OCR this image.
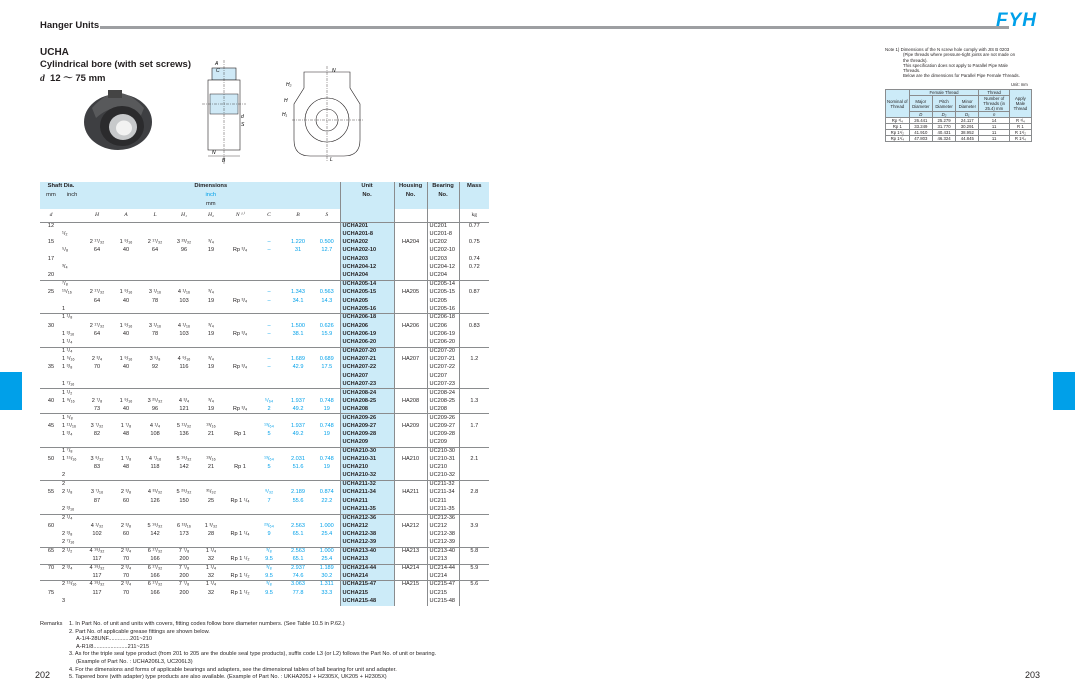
Hanger Units	FYH
UCHA
Cylindrical bore (with set screws)
d 12 ～ 75 mm
A
C
d
S
N
B
N
H₂
H
H₁
L
Note 1) Dimensions of the N screw hole comply with JIS B 0203
(Pipe threads where pressure-tight joints are not made on
the threads).
This specification does not apply to Parallel Pipe Male
Threads.
Below are the dimensions for Parallel Pipe Female Threads.
Unit: mm
Nominal of Thread	Female Thread			Thread	Apply Male Thread
	Major Diameter	Pitch Diameter	Minor Diameter	Number of Threads (in 25.4) mm	
	D	D₂	D₁	n	
Rp ³/₄	26.441	25.279	24.117	14	R ³/₄
Rp 1	33.249	31.770	30.291	11	R 1
Rp 1¹/₂	41.910	40.431	38.952	11	R 1¹/₂
Rp 1¹/₄	47.803	46.324	44.845	11	R 1¹/₄
Shaft Dia.		Dimensions									Unit	Housing	Bearing	Mass
mm	inch	inch									No.	No.	No.	
		mm												
d		H	A	L	H₁	H₂	N ¹⁾	C	B	S				kg
12											UCHA201		UC201	0.77
	¹/₂										UCHA201-8		UC201-8	
15		2 ¹⁷/₃₂	1 ⁹/₁₆	2 ¹⁷/₃₂	3 ²³/₃₂	³/₄		–	1.220	0.500	UCHA202	HA204	UC202	0.75
	⁵/₈	64	40	64	96	19	Rp ³/₄	–	31	12.7	UCHA202-10		UC202-10	
17											UCHA203		UC203	0.74
	³/₄										UCHA204-12		UC204-12	0.72
20											UCHA204		UC204	
	⁷/₈										UCHA205-14		UC205-14	
25	¹⁵/₁₆	2 ¹⁷/₃₂	1 ⁹/₁₆	3 ¹/₁₆	4 ¹/₁₆	³/₄		–	1.343	0.563	UCHA205-15	HA205	UC205-15	0.87
		64	40	78	103	19	Rp ³/₄	–	34.1	14.3	UCHA205		UC205	
	1										UCHA205-16		UC205-16	
	1 ¹/₈										UCHA206-18		UC206-18	
30		2 ¹⁷/₃₂	1 ⁹/₁₆	3 ¹/₁₆	4 ¹/₁₆	³/₄		–	1.500	0.626	UCHA206	HA206	UC206	0.83
	1 ³/₁₆	64	40	78	103	19	Rp ³/₄	–	38.1	15.9	UCHA206-19		UC206-19	
	1 ¹/₄										UCHA206-20		UC206-20	
	1 ¹/₄										UCHA207-20		UC207-20	
	1 ⁵/₁₆	2 ³/₄	1 ⁹/₁₆	3 ⁵/₈	4 ⁹/₁₆	³/₄		–	1.689	0.689	UCHA207-21	HA207	UC207-21	1.2
35	1 ³/₈	70	40	92	116	19	Rp ³/₄	–	42.9	17.5	UCHA207-22		UC207-22	
											UCHA207		UC207	
	1 ⁷/₁₆										UCHA207-23		UC207-23	
	1 ¹/₂										UCHA208-24		UC208-24	
40	1 ⁹/₁₆	2 ⁷/₈	1 ⁹/₁₆	3 ²⁵/₃₂	4 ³/₄	³/₄		⁵/₆₄	1.937	0.748	UCHA208-25	HA208	UC208-25	1.3
		73	40	96	121	19	Rp ³/₄	2	49.2	19	UCHA208		UC208	
	1 ⁵/₈										UCHA209-26		UC209-26	
45	1 ¹¹/₁₆	3 ⁷/₃₂	1 ⁷/₈	4 ¹/₄	5 ¹¹/₃₂	¹³/₁₆		¹³/₆₄	1.937	0.748	UCHA209-27	HA209	UC209-27	1.7
	1 ³/₄	82	48	108	136	21	Rp 1	5	49.2	19	UCHA209-28		UC209-28	
											UCHA209		UC209	
	1 ⁷/₈										UCHA210-30		UC210-30	
50	1 ¹⁵/₁₆	3 ⁹/₃₂	1 ⁷/₈	4 ⁷/₁₆	5 ¹⁹/₃₂	¹³/₁₆		¹³/₆₄	2.031	0.748	UCHA210-31	HA210	UC210-31	2.1
		83	48	118	142	21	Rp 1	5	51.6	19	UCHA210		UC210	
	2										UCHA210-32		UC210-32	
	2										UCHA211-32		UC211-32	
55	2 ¹/₈	3 ⁷/₁₆	2 ³/₈	4 ³¹/₃₂	5 ²⁹/₃₂	³¹/₃₂		⁹/₃₂	2.189	0.874	UCHA211-34	HA211	UC211-34	2.8
		87	60	126	150	25	Rp 1 ¹/₄	7	55.6	22.2	UCHA211		UC211	
	2 ³/₁₆										UCHA211-35		UC211-35	
	2 ¹/₄										UCHA212-36		UC212-36	
60		4 ¹/₃₂	2 ³/₈	5 ¹⁹/₃₂	6 ¹³/₁₆	1 ³/₃₂		²³/₆₄	2.563	1.000	UCHA212	HA212	UC212	3.9
	2 ³/₈	102	60	142	173	28	Rp 1 ¹/₄	9	65.1	25.4	UCHA212-38		UC212-38	
	2 ⁷/₁₆										UCHA212-39		UC212-39	
65	2 ¹/₂	4 ¹⁹/₃₂	2 ³/₄	6 ¹⁷/₃₂	7 ⁷/₈	1 ¹/₄		³/₈	2.563	1.000	UCHA213-40	HA213	UC213-40	5.8
		117	70	166	200	32	Rp 1 ¹/₂	9.5	65.1	25.4	UCHA213		UC213	
70	2 ³/₄	4 ¹⁹/₃₂	2 ³/₄	6 ¹⁷/₃₂	7 ⁷/₈	1 ¹/₄		³/₈	2.937	1.189	UCHA214-44	HA214	UC214-44	5.9
		117	70	166	200	32	Rp 1 ¹/₂	9.5	74.6	30.2	UCHA214		UC214	
	2 ¹⁵/₁₆	4 ¹⁹/₃₂	2 ³/₄	6 ¹⁷/₃₂	7 ⁷/₈	1 ¹/₄		³/₈	3.063	1.311	UCHA215-47	HA215	UC215-47	5.6
75		117	70	166	200	32	Rp 1 ¹/₂	9.5	77.8	33.3	UCHA215		UC215	
	3										UCHA215-48		UC215-48	
Remarks 1. In Part No. of unit and units with covers, fitting codes follow bore diameter numbers. (See Table 10.5 in P.62.)
2. Part No. of applicable grease fittings are shown below.
A-1/4-28UNF..............201~210
A-R1/8......................211~215
3. As for the triple seal type product (from 201 to 205 are the double seal type products), suffix code L3 (or L2) follows the Part No. of unit or bearing.
(Example of Part No. : UCHA206L3, UC206L3)
4. For the dimensions and forms of applicable bearings and adapters, see the dimensional tables of ball bearing for unit and adapter.
5. Tapered bore (with adapter) type products are also available. (Example of Part No. : UKHA205J + H2305X, UK205 + H2305X)
202	203
